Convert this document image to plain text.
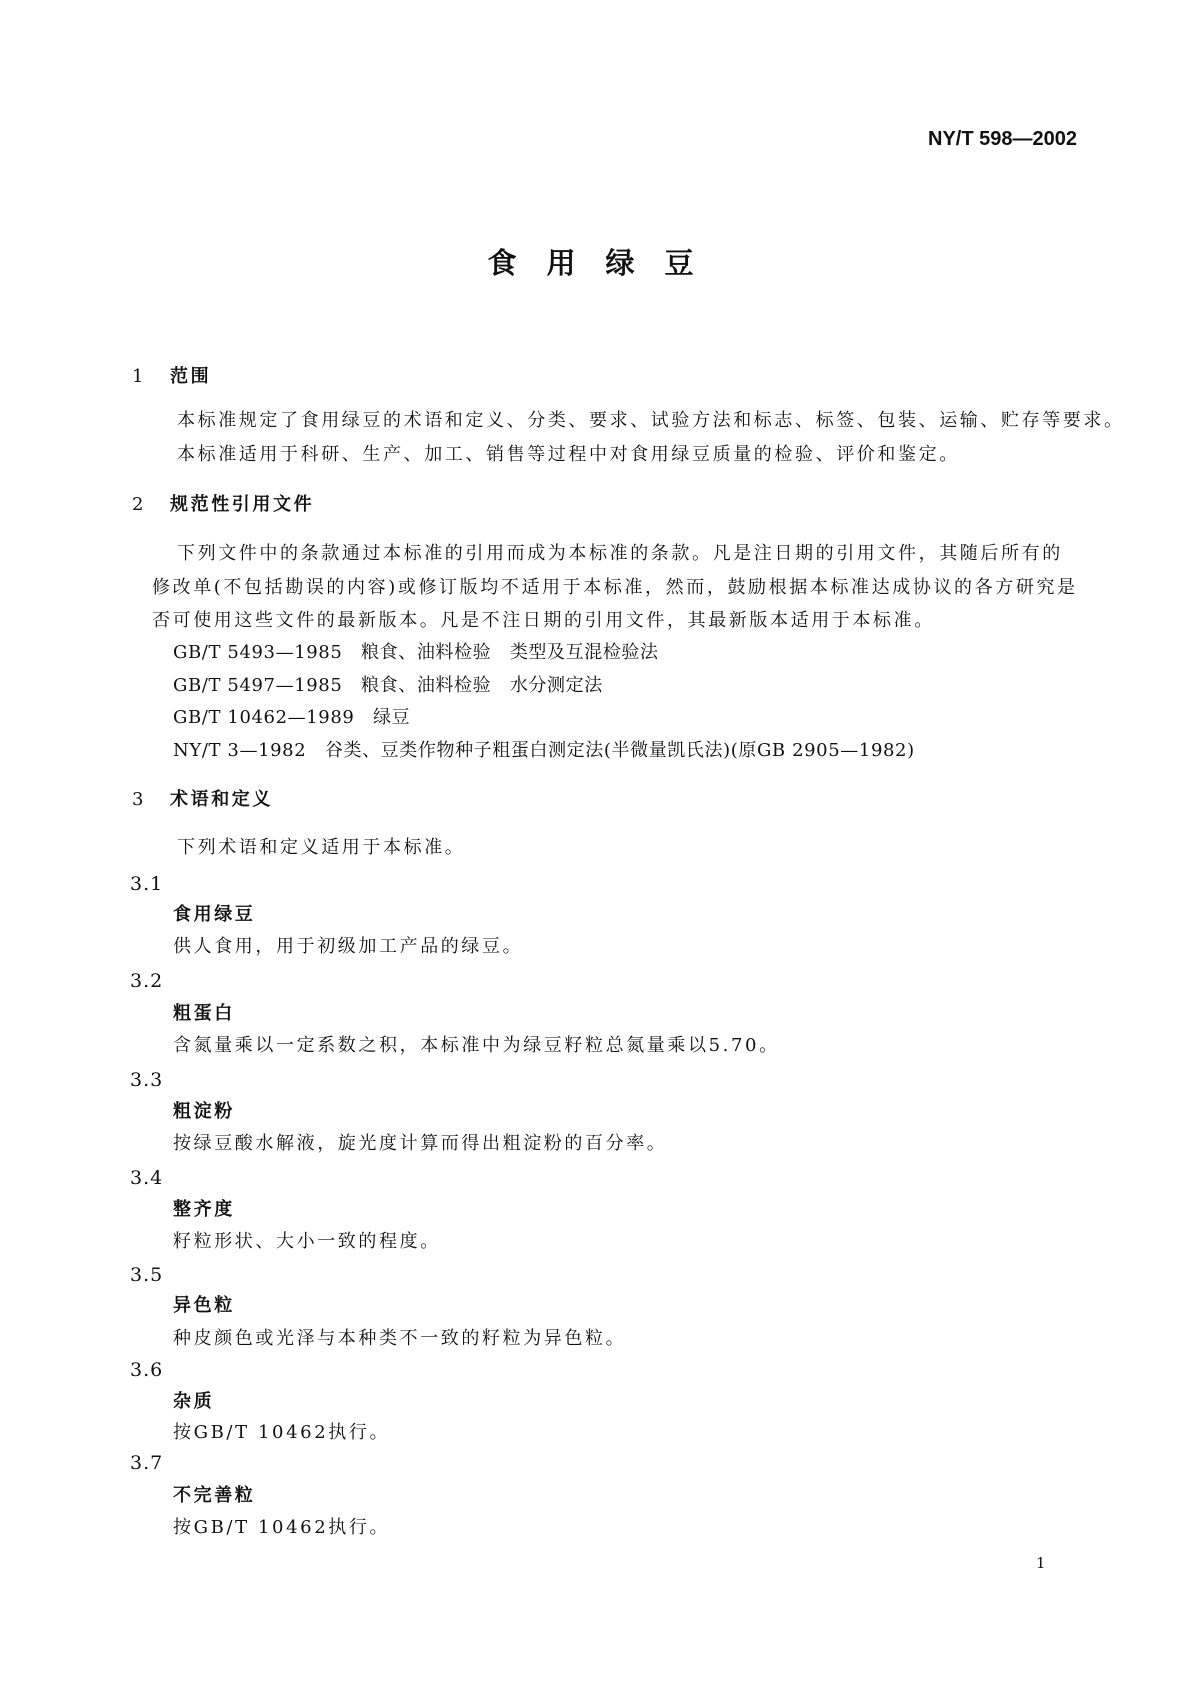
NY/T 598—2002
食用绿豆
1 范围
本标准规定了食用绿豆的术语和定义、分类、要求、试验方法和标志、标签、包装、运输、贮存等要求。
本标准适用于科研、生产、加工、销售等过程中对食用绿豆质量的检验、评价和鉴定。
2 规范性引用文件
下列文件中的条款通过本标准的引用而成为本标准的条款。凡是注日期的引用文件，其随后所有的
修改单(不包括勘误的内容)或修订版均不适用于本标准，然而，鼓励根据本标准达成协议的各方研究是
否可使用这些文件的最新版本。凡是不注日期的引用文件，其最新版本适用于本标准。
GB/T 5493—1985　粮食、油料检验　类型及互混检验法
GB/T 5497—1985　粮食、油料检验　水分测定法
GB/T 10462—1989　绿豆
NY/T 3—1982　谷类、豆类作物种子粗蛋白测定法(半微量凯氏法)(原GB 2905—1982)
3 术语和定义
下列术语和定义适用于本标准。
3.1
食用绿豆
供人食用，用于初级加工产品的绿豆。
3.2
粗蛋白
含氮量乘以一定系数之积，本标准中为绿豆籽粒总氮量乘以5.70。
3.3
粗淀粉
按绿豆酸水解液，旋光度计算而得出粗淀粉的百分率。
3.4
整齐度
籽粒形状、大小一致的程度。
3.5
异色粒
种皮颜色或光泽与本种类不一致的籽粒为异色粒。
3.6
杂质
按GB/T 10462执行。
3.7
不完善粒
按GB/T 10462执行。
1
